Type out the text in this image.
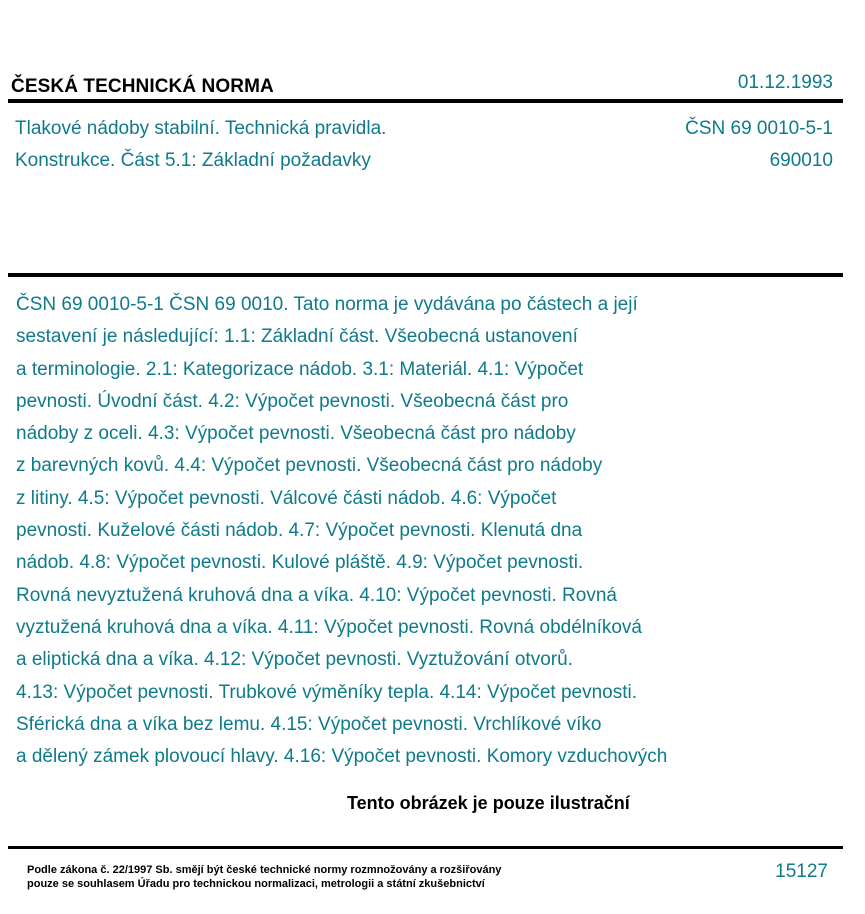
ČESKÁ TECHNICKÁ NORMA	01.12.1993
Tlakové nádoby stabilní. Technická pravidla.
Konstrukce. Část 5.1: Základní požadavky
ČSN 69 0010-5-1
690010
ČSN 69 0010-5-1 ČSN 69 0010. Tato norma je vydávána po částech a její
sestavení je následující: 1.1: Základní část. Všeobecná ustanovení
a terminologie. 2.1: Kategorizace nádob. 3.1: Materiál. 4.1: Výpočet
pevnosti. Úvodní část. 4.2: Výpočet pevnosti. Všeobecná část pro
nádoby z oceli. 4.3: Výpočet pevnosti. Všeobecná část pro nádoby
z barevných kovů. 4.4: Výpočet pevnosti. Všeobecná část pro nádoby
z litiny. 4.5: Výpočet pevnosti. Válcové části nádob. 4.6: Výpočet
pevnosti. Kuželové části nádob. 4.7: Výpočet pevnosti. Klenutá dna
nádob. 4.8: Výpočet pevnosti. Kulové pláště. 4.9: Výpočet pevnosti.
Rovná nevyztužená kruhová dna a víka. 4.10: Výpočet pevnosti. Rovná
vyztužená kruhová dna a víka. 4.11: Výpočet pevnosti. Rovná obdélníková
a eliptická dna a víka. 4.12: Výpočet pevnosti. Vyztužování otvorů.
4.13: Výpočet pevnosti. Trubkové výměníky tepla. 4.14: Výpočet pevnosti.
Sférická dna a víka bez lemu. 4.15: Výpočet pevnosti. Vrchlíkové víko
a dělený zámek plovoucí hlavy. 4.16: Výpočet pevnosti. Komory vzduchových
Tento obrázek je pouze ilustrační
Podle zákona č. 22/1997 Sb. smějí být české technické normy rozmnožovány a rozšiřovány
pouze se souhlasem Úřadu pro technickou normalizaci, metrologii a státní zkušebnictví
15127
